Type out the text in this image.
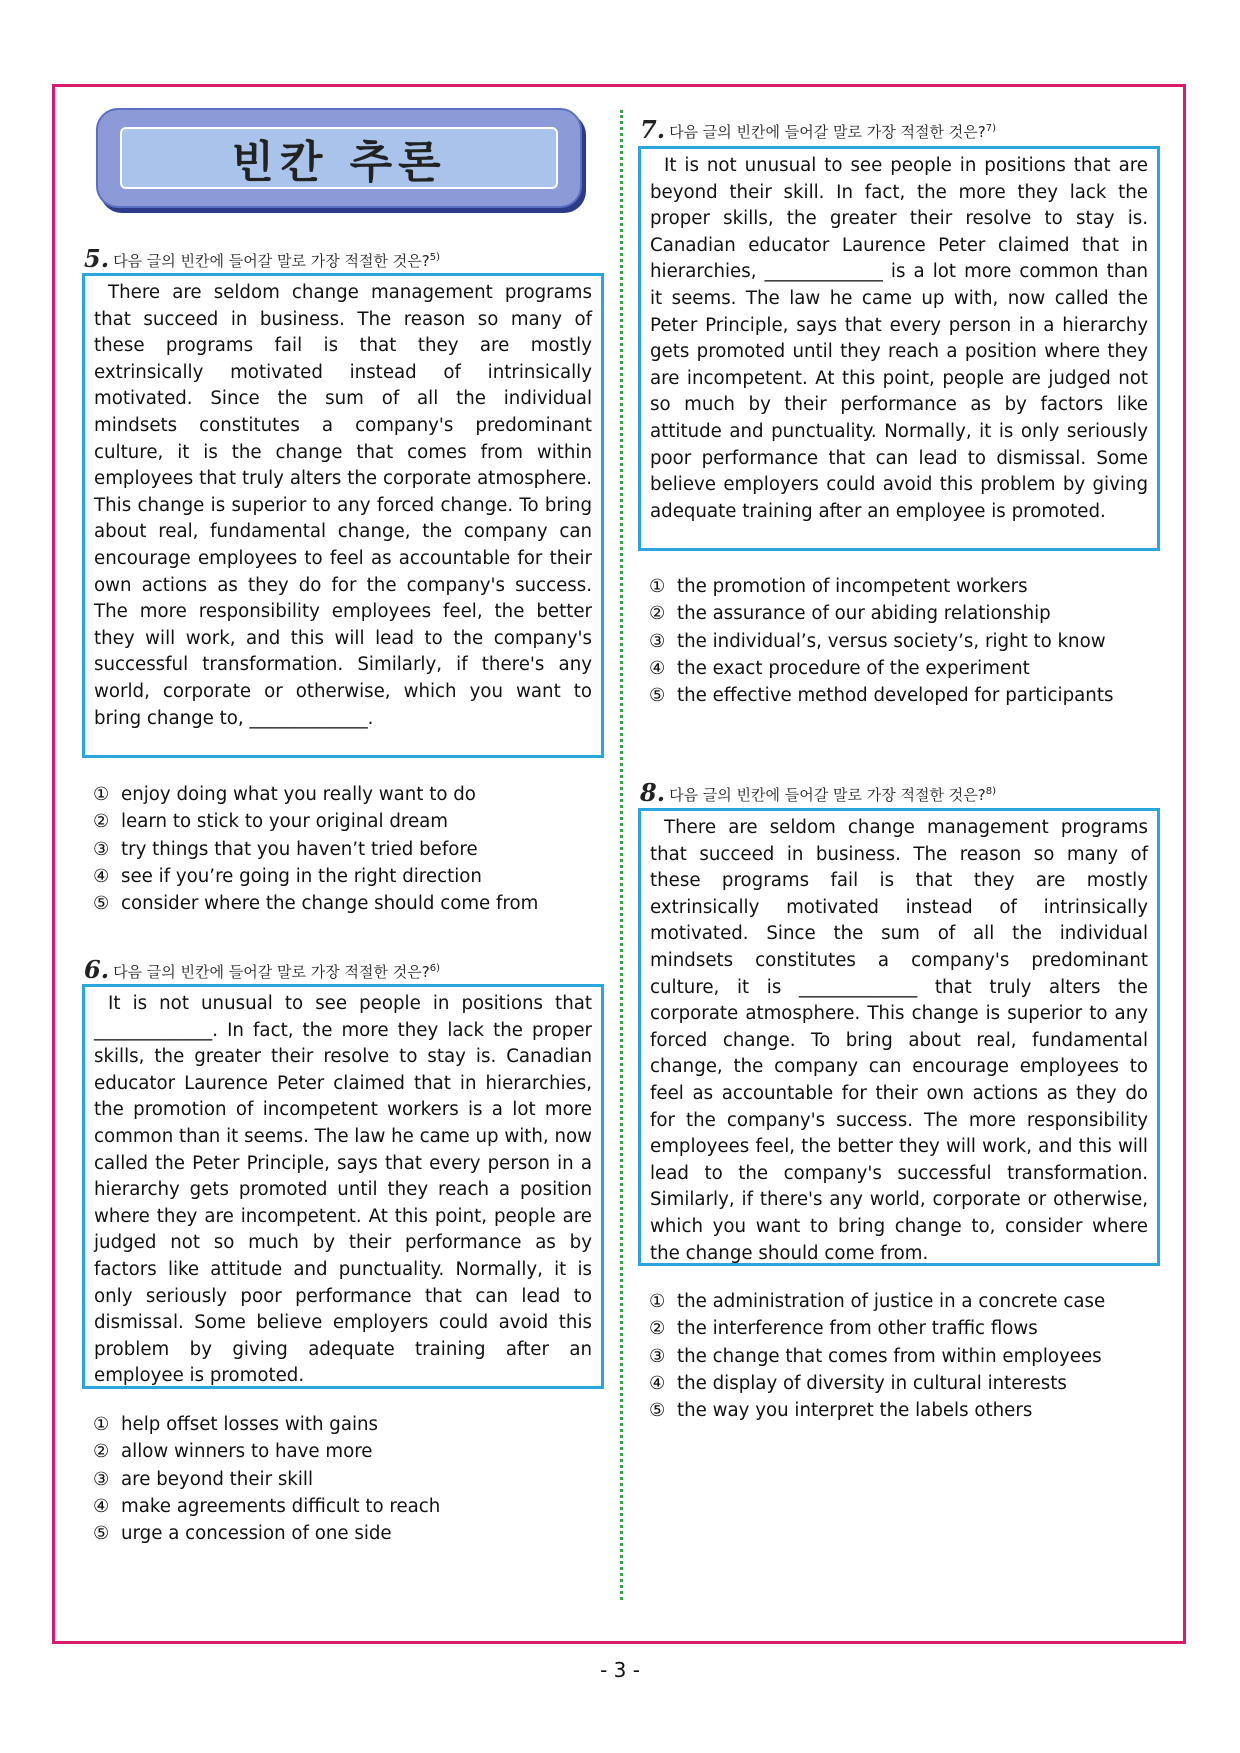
빈칸 추론
5. 다음 글의 빈칸에 들어갈 말로 가장 적절한 것은?$^{5)}$
There are seldom change management programs that succeed in business. The reason so many of these programs fail is that they are mostly extrinsically motivated instead of intrinsically motivated. Since the sum of all the individual mindsets constitutes a company's predominant culture, it is the change that comes from within employees that truly alters the corporate atmosphere. This change is superior to any forced change. To bring about real, fundamental change, the company can encourage employees to feel as accountable for their own actions as they do for the company's success. The more responsibility employees feel, the better they will work, and this will lead to the company's successful transformation. Similarly, if there's any world, corporate or otherwise, which you want to bring change to, _____________.
① enjoy doing what you really want to do
② learn to stick to your original dream
③ try things that you haven’t tried before
④ see if you’re going in the right direction
⑤ consider where the change should come from
6. 다음 글의 빈칸에 들어갈 말로 가장 적절한 것은?$^{6)}$
It is not unusual to see people in positions that _____________. In fact, the more they lack the proper skills, the greater their resolve to stay is. Canadian educator Laurence Peter claimed that in hierarchies, the promotion of incompetent workers is a lot more common than it seems. The law he came up with, now called the Peter Principle, says that every person in a hierarchy gets promoted until they reach a position where they are incompetent. At this point, people are judged not so much by their performance as by factors like attitude and punctuality. Normally, it is only seriously poor performance that can lead to dismissal. Some believe employers could avoid this problem by giving adequate training after an employee is promoted.
① help offset losses with gains
② allow winners to have more
③ are beyond their skill
④ make agreements difficult to reach
⑤ urge a concession of one side
7. 다음 글의 빈칸에 들어갈 말로 가장 적절한 것은?$^{7)}$
It is not unusual to see people in positions that are beyond their skill. In fact, the more they lack the proper skills, the greater their resolve to stay is. Canadian educator Laurence Peter claimed that in hierarchies, _____________ is a lot more common than it seems. The law he came up with, now called the Peter Principle, says that every person in a hierarchy gets promoted until they reach a position where they are incompetent. At this point, people are judged not so much by their performance as by factors like attitude and punctuality. Normally, it is only seriously poor performance that can lead to dismissal. Some believe employers could avoid this problem by giving adequate training after an employee is promoted.
① the promotion of incompetent workers
② the assurance of our abiding relationship
③ the individual’s, versus society’s, right to know
④ the exact procedure of the experiment
⑤ the effective method developed for participants
8. 다음 글의 빈칸에 들어갈 말로 가장 적절한 것은?$^{8)}$
There are seldom change management programs that succeed in business. The reason so many of these programs fail is that they are mostly extrinsically motivated instead of intrinsically motivated. Since the sum of all the individual mindsets constitutes a company's predominant culture, it is _____________ that truly alters the corporate atmosphere. This change is superior to any forced change. To bring about real, fundamental change, the company can encourage employees to feel as accountable for their own actions as they do for the company's success. The more responsibility employees feel, the better they will work, and this will lead to the company's successful transformation. Similarly, if there's any world, corporate or otherwise, which you want to bring change to, consider where the change should come from.
① the administration of justice in a concrete case
② the interference from other traffic flows
③ the change that comes from within employees
④ the display of diversity in cultural interests
⑤ the way you interpret the labels others
- 3 -
